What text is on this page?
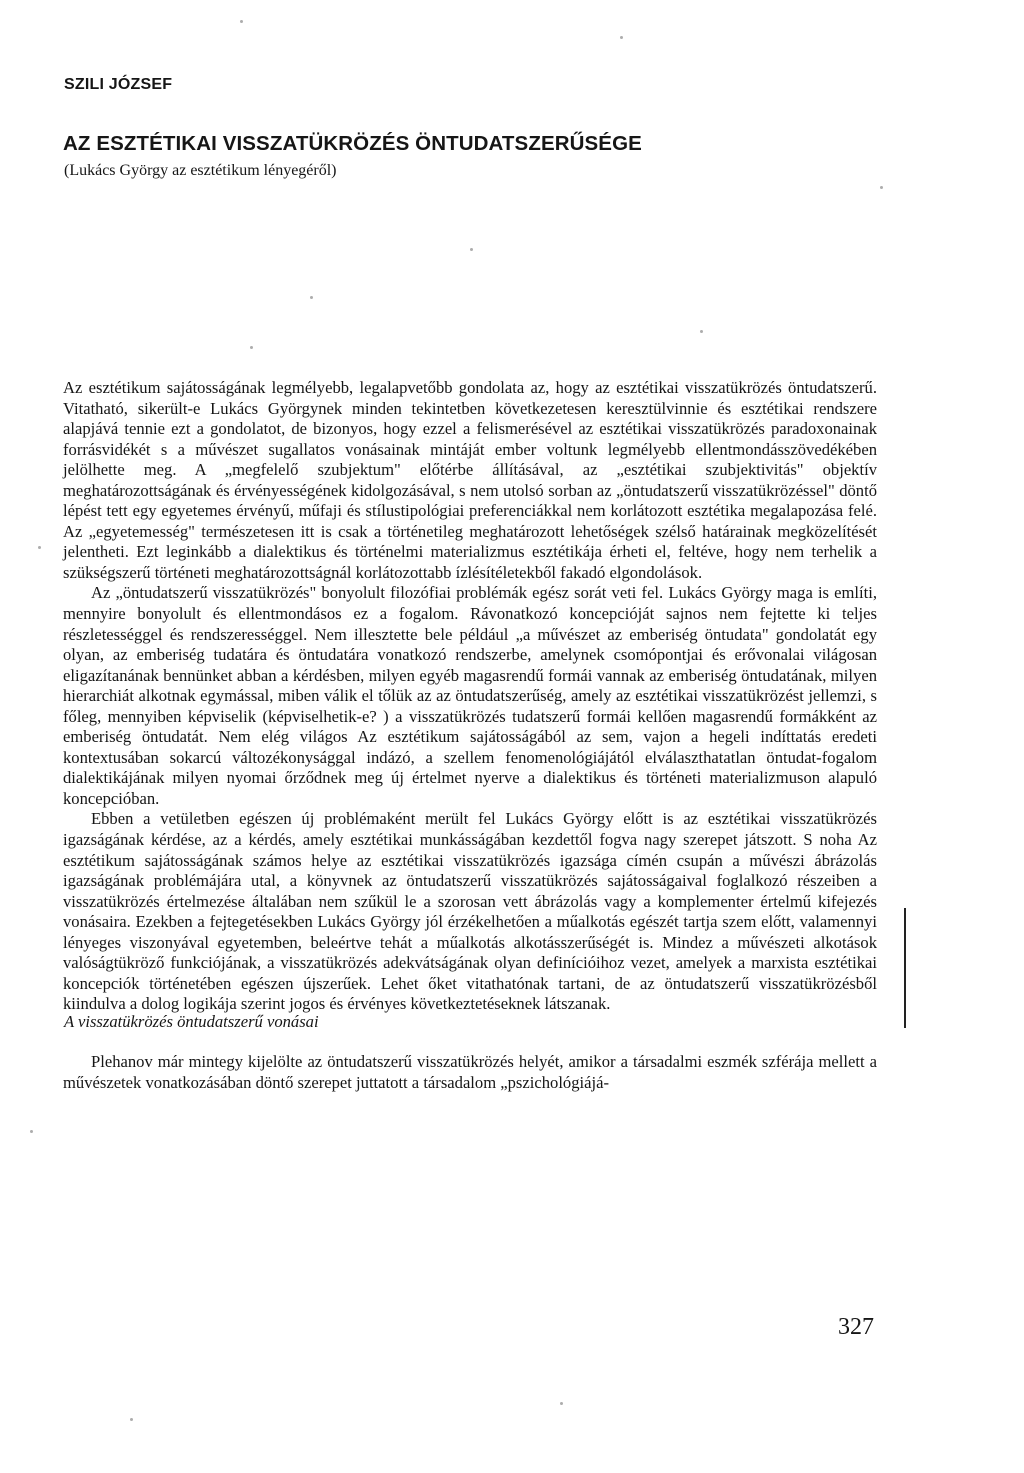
SZILI JÓZSEF
AZ ESZTÉTIKAI VISSZATÜKRÖZÉS ÖNTUDATSZERŰSÉGE
(Lukács György az esztétikum lényegéről)

Az esztétikum sajátosságának legmélyebb, legalapvetőbb gondolata az, hogy az esztétikai visszatükrözés öntudatszerű. Vitatható, sikerült-e Lukács Györgynek minden tekintetben következetesen keresztülvinnie és esztétikai rendszere alapjává tennie ezt a gondolatot, de bizonyos, hogy ezzel a felismerésével az esztétikai visszatükrözés paradoxonainak forrásvidékét s a művészet sugallatos vonásainak mintáját ember voltunk legmélyebb ellentmondásszövedékében jelölhette meg. A „megfelelő szubjektum" előtérbe állításával, az „esztétikai szubjektivitás" objektív meghatározottságának és érvényességének kidolgozásával, s nem utolsó sorban az „öntudatszerű visszatükrözéssel" döntő lépést tett egy egyetemes érvényű, műfaji és stílustipológiai preferenciákkal nem korlátozott esztétika megalapozása felé. Az „egyetemesség" természetesen itt is csak a történetileg meghatározott lehetőségek szélső határainak megközelítését jelentheti. Ezt leginkább a dialektikus és történelmi materializmus esztétikája érheti el, feltéve, hogy nem terhelik a szükségszerű történeti meghatározottságnál korlátozottabb ízlésítéletekből fakadó elgondolások.

Az „öntudatszerű visszatükrözés" bonyolult filozófiai problémák egész sorát veti fel. Lukács György maga is említi, mennyire bonyolult és ellentmondásos ez a fogalom. Rávonatkozó koncepcióját sajnos nem fejtette ki teljes részletességgel és rendszerességgel. Nem illesztette bele például „a művészet az emberiség öntudata" gondolatát egy olyan, az emberiség tudatára és öntudatára vonatkozó rendszerbe, amelynek csomópontjai és erővonalai világosan eligazítanának bennünket abban a kérdésben, milyen egyéb magasrendű formái vannak az emberiség öntudatának, milyen hierarchiát alkotnak egymással, miben válik el tőlük az az öntudatszerűség, amely az esztétikai visszatükrözést jellemzi, s főleg, mennyiben képviselik (képviselhetik-e? ) a visszatükrözés tudatszerű formái kellően magasrendű formákként az emberiség öntudatát. Nem elég világos Az esztétikum sajátosságából az sem, vajon a hegeli indíttatás eredeti kontextusában sokarcú változékonysággal indázó, a szellem fenomenológiájától elválaszthatatlan öntudat-fogalom dialektikájának milyen nyomai őrződnek meg új értelmet nyerve a dialektikus és történeti materializmuson alapuló koncepcióban.

Ebben a vetületben egészen új problémaként merült fel Lukács György előtt is az esztétikai visszatükrözés igazságának kérdése, az a kérdés, amely esztétikai munkásságában kezdettől fogva nagy szerepet játszott. S noha Az esztétikum sajátosságának számos helye az esztétikai visszatükrözés igazsága címén csupán a művészi ábrázolás igazságának problémájára utal, a könyvnek az öntudatszerű visszatükrözés sajátosságaival foglalkozó részeiben a visszatükrözés értelmezése általában nem szűkül le a szorosan vett ábrázolás vagy a komplementer értelmű kifejezés vonásaira. Ezekben a fejtegetésekben Lukács György jól érzékelhetően a műalkotás egészét tartja szem előtt, valamennyi lényeges viszonyával egyetemben, beleértve tehát a műalkotás alkotásszerűségét is. Mindez a művészeti alkotások valóságtükröző funkciójának, a visszatükrözés adekvátságának olyan definícióihoz vezet, amelyek a marxista esztétikai koncepciók történetében egészen újszerűek. Lehet őket vitathatónak tartani, de az öntudatszerű visszatükrözésből kiindulva a dolog logikája szerint jogos és érvényes következtetéseknek látszanak.

A visszatükrözés öntudatszerű vonásai

Plehanov már mintegy kijelölte az öntudatszerű visszatükrözés helyét, amikor a társadalmi eszmék szférája mellett a művészetek vonatkozásában döntő szerepet juttatott a társadalom „pszichológiájá-

327
